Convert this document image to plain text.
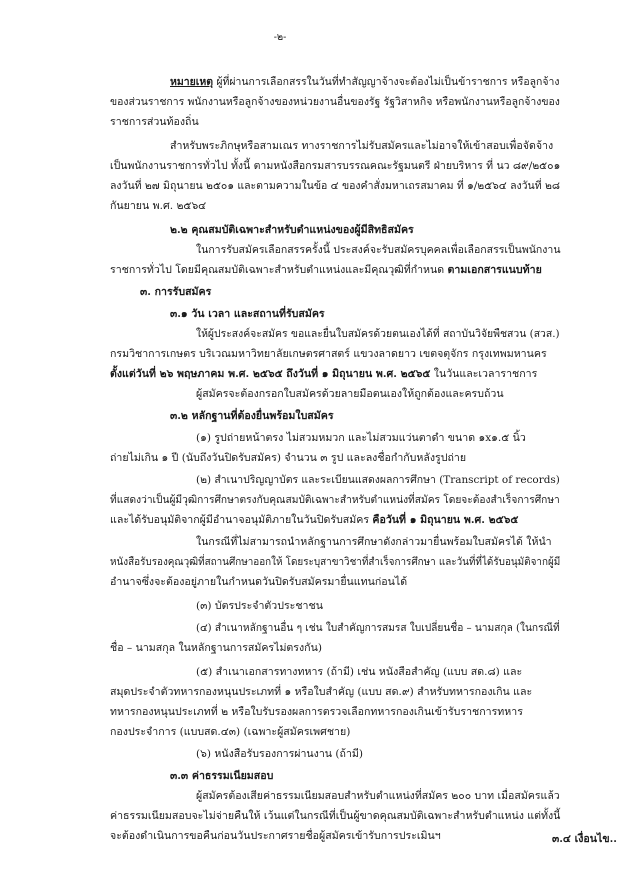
-๒-
หมายเหตุ ผู้ที่ผ่านการเลือกสรรในวันที่ทำสัญญาจ้างจะต้องไม่เป็นข้าราชการ หรือลูกจ้าง
ของส่วนราชการ พนักงานหรือลูกจ้างของหน่วยงานอื่นของรัฐ รัฐวิสาหกิจ หรือพนักงานหรือลูกจ้างของ
ราชการส่วนท้องถิ่น
สำหรับพระภิกษุหรือสามเณร ทางราชการไม่รับสมัครและไม่อาจให้เข้าสอบเพื่อจัดจ้าง
เป็นพนักงานราชการทั่วไป ทั้งนี้ ตามหนังสือกรมสารบรรณคณะรัฐมนตรี ฝ่ายบริหาร ที่ นว ๘๙/๒๕๐๑
ลงวันที่ ๒๗ มิถุนายน ๒๕๐๑ และตามความในข้อ ๔ ของคำสั่งมหาเถรสมาคม ที่ ๑/๒๕๖๔ ลงวันที่ ๒๘
กันยายน พ.ศ. ๒๕๖๔
๒.๒ คุณสมบัติเฉพาะสำหรับตำแหน่งของผู้มีสิทธิสมัคร
ในการรับสมัครเลือกสรรครั้งนี้ ประสงค์จะรับสมัครบุคคลเพื่อเลือกสรรเป็นพนักงาน
ราชการทั่วไป โดยมีคุณสมบัติเฉพาะสำหรับตำแหน่งและมีคุณวุฒิที่กำหนด ตามเอกสารแนบท้าย
๓. การรับสมัคร
๓.๑ วัน เวลา และสถานที่รับสมัคร
ให้ผู้ประสงค์จะสมัคร ขอและยื่นใบสมัครด้วยตนเองได้ที่ สถาบันวิจัยพืชสวน (สวส.)
กรมวิชาการเกษตร บริเวณมหาวิทยาลัยเกษตรศาสตร์ แขวงลาดยาว เขตจตุจักร กรุงเทพมหานคร
ตั้งแต่วันที่ ๒๖ พฤษภาคม พ.ศ. ๒๕๖๕ ถึงวันที่ ๑ มิถุนายน พ.ศ. ๒๕๖๕ ในวันและเวลาราชการ
ผู้สมัครจะต้องกรอกใบสมัครด้วยลายมือตนเองให้ถูกต้องและครบถ้วน
๓.๒ หลักฐานที่ต้องยื่นพร้อมใบสมัคร
(๑) รูปถ่ายหน้าตรง ไม่สวมหมวก และไม่สวมแว่นตาดำ ขนาด ๑x๑.๕ นิ้ว
ถ่ายไม่เกิน ๑ ปี (นับถึงวันปิดรับสมัคร) จำนวน ๓ รูป และลงชื่อกำกับหลังรูปถ่าย
(๒) สำเนาปริญญาบัตร และระเบียนแสดงผลการศึกษา (Transcript of records)
ที่แสดงว่าเป็นผู้มีวุฒิการศึกษาตรงกับคุณสมบัติเฉพาะสำหรับตำแหน่งที่สมัคร โดยจะต้องสำเร็จการศึกษา
และได้รับอนุมัติจากผู้มีอำนาจอนุมัติภายในวันปิดรับสมัคร คือวันที่ ๑ มิถุนายน พ.ศ. ๒๕๖๕
ในกรณีที่ไม่สามารถนำหลักฐานการศึกษาดังกล่าวมายื่นพร้อมใบสมัครได้ ให้นำ
หนังสือรับรองคุณวุฒิที่สถานศึกษาออกให้ โดยระบุสาขาวิชาที่สำเร็จการศึกษา และวันที่ที่ได้รับอนุมัติจากผู้มี
อำนาจซึ่งจะต้องอยู่ภายในกำหนดวันปิดรับสมัครมายื่นแทนก่อนได้
(๓) บัตรประจำตัวประชาชน
(๔) สำเนาหลักฐานอื่น ๆ เช่น ใบสำคัญการสมรส ใบเปลี่ยนชื่อ – นามสกุล (ในกรณีที่
ชื่อ – นามสกุล ในหลักฐานการสมัครไม่ตรงกัน)
(๕) สำเนาเอกสารทางทหาร (ถ้ามี) เช่น หนังสือสำคัญ (แบบ สด.๘) และ
สมุดประจำตัวทหารกองหนุนประเภทที่ ๑ หรือใบสำคัญ (แบบ สด.๙) สำหรับทหารกองเกิน และ
ทหารกองหนุนประเภทที่ ๒ หรือใบรับรองผลการตรวจเลือกทหารกองเกินเข้ารับราชการทหาร
กองประจำการ (แบบสด.๔๓) (เฉพาะผู้สมัครเพศชาย)
(๖) หนังสือรับรองการผ่านงาน (ถ้ามี)
๓.๓ ค่าธรรมเนียมสอบ
ผู้สมัครต้องเสียค่าธรรมเนียมสอบสำหรับตำแหน่งที่สมัคร ๒๐๐ บาท เมื่อสมัครแล้ว
ค่าธรรมเนียมสอบจะไม่จ่ายคืนให้ เว้นแต่ในกรณีที่เป็นผู้ขาดคุณสมบัติเฉพาะสำหรับตำแหน่ง แต่ทั้งนี้
จะต้องดำเนินการขอคืนก่อนวันประกาศรายชื่อผู้สมัครเข้ารับการประเมินฯ	๓.๔ เงื่อนไข..
